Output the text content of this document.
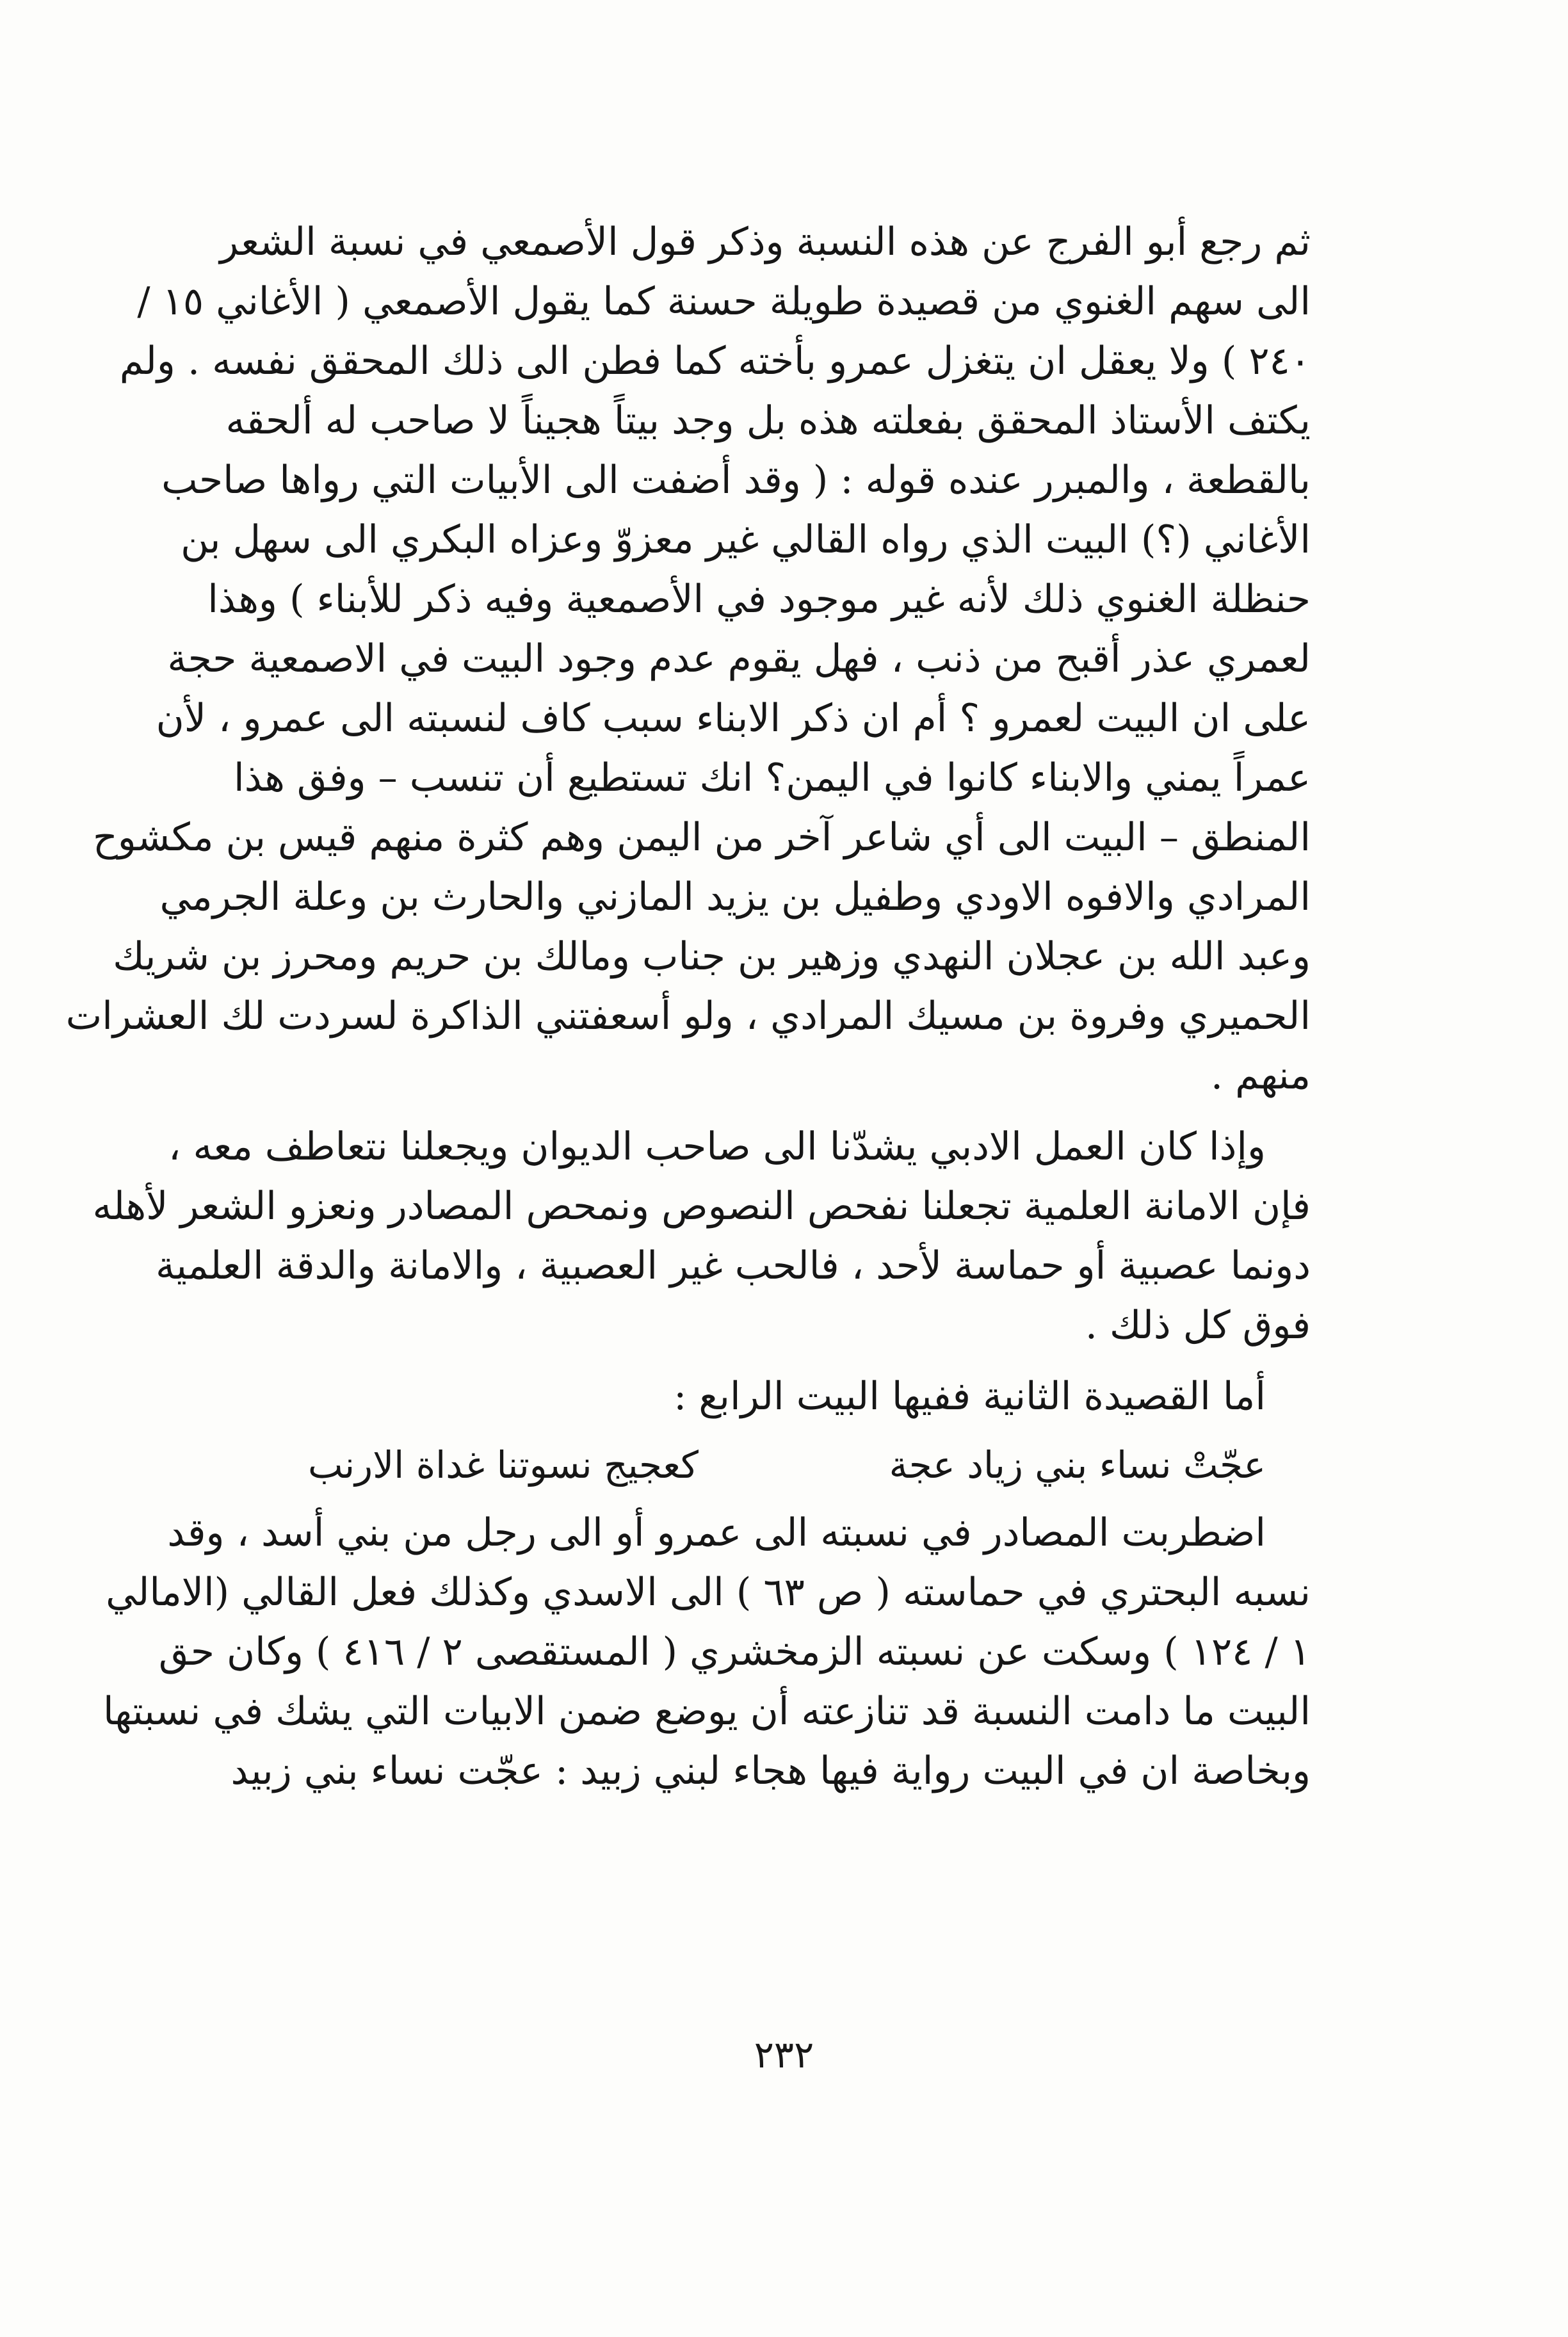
ثم رجع أبو الفرج عن هذه النسبة وذكر قول الأصمعي في نسبة الشعر
الى سهم الغنوي من قصيدة طويلة حسنة كما يقول الأصمعي ( الأغاني ١٥ /
٢٤٠ ) ولا يعقل ان يتغزل عمرو بأخته كما فطن الى ذلك المحقق نفسه . ولم
يكتف الأستاذ المحقق بفعلته هذه بل وجد بيتاً هجيناً لا صاحب له ألحقه
بالقطعة ، والمبرر عنده قوله : ( وقد أضفت الى الأبيات التي رواها صاحب
الأغاني (؟) البيت الذي رواه القالي غير معزوّ وعزاه البكري الى سهل بن
حنظلة الغنوي ذلك لأنه غير موجود في الأصمعية وفيه ذكر للأبناء ) وهذا
لعمري عذر أقبح من ذنب ، فهل يقوم عدم وجود البيت في الاصمعية حجة
على ان البيت لعمرو ؟ أم ان ذكر الابناء سبب كاف لنسبته الى عمرو ، لأن
عمراً يمني والابناء كانوا في اليمن؟ انك تستطيع أن تنسب – وفق هذا
المنطق – البيت الى أي شاعر آخر من اليمن وهم كثرة منهم قيس بن مكشوح
المرادي والافوه الاودي وطفيل بن يزيد المازني والحارث بن وعلة الجرمي
وعبد الله بن عجلان النهدي وزهير بن جناب ومالك بن حريم ومحرز بن شريك
الحميري وفروة بن مسيك المرادي ، ولو أسعفتني الذاكرة لسردت لك العشرات
منهم .
وإذا كان العمل الادبي يشدّنا الى صاحب الديوان ويجعلنا نتعاطف معه ،
فإن الامانة العلمية تجعلنا نفحص النصوص ونمحص المصادر ونعزو الشعر لأهله
دونما عصبية أو حماسة لأحد ، فالحب غير العصبية ، والامانة والدقة العلمية
فوق كل ذلك .
أما القصيدة الثانية ففيها البيت الرابع :
عجّتْ نساء بني زياد عجة
كعجيج نسوتنا غداة الارنب
اضطربت المصادر في نسبته الى عمرو أو الى رجل من بني أسد ، وقد
نسبه البحتري في حماسته ( ص ٦٣ ) الى الاسدي وكذلك فعل القالي (الامالي
١ / ١٢٤ ) وسكت عن نسبته الزمخشري ( المستقصى ٢ / ٤١٦ ) وكان حق
البيت ما دامت النسبة قد تنازعته أن يوضع ضمن الابيات التي يشك في نسبتها
وبخاصة ان في البيت رواية فيها هجاء لبني زبيد : عجّت نساء بني زبيد
٢٣٢
